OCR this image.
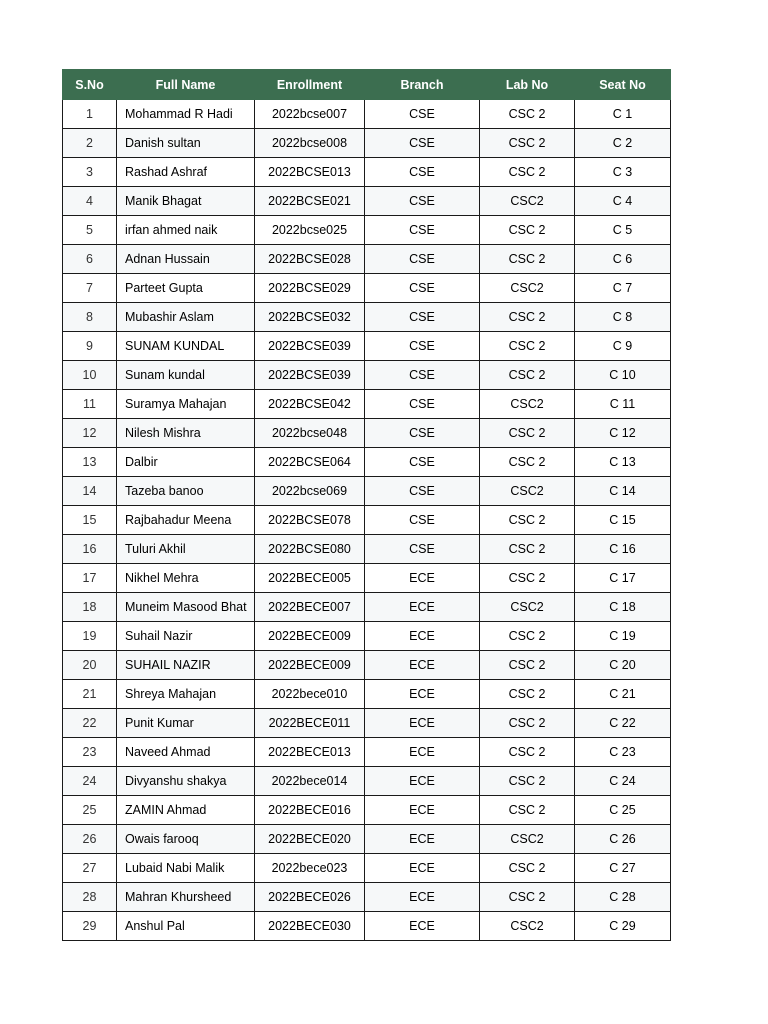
S.No	Full Name	Enrollment	Branch	Lab No	Seat No
1	Mohammad R Hadi	2022bcse007	CSE	CSC 2	C 1
2	Danish sultan	2022bcse008	CSE	CSC 2	C 2
3	Rashad Ashraf	2022BCSE013	CSE	CSC 2	C 3
4	Manik Bhagat	2022BCSE021	CSE	CSC2	C 4
5	irfan ahmed naik	2022bcse025	CSE	CSC 2	C 5
6	Adnan Hussain	2022BCSE028	CSE	CSC 2	C 6
7	Parteet Gupta	2022BCSE029	CSE	CSC2	C 7
8	Mubashir Aslam	2022BCSE032	CSE	CSC 2	C 8
9	SUNAM KUNDAL	2022BCSE039	CSE	CSC 2	C 9
10	Sunam kundal	2022BCSE039	CSE	CSC 2	C 10
11	Suramya Mahajan	2022BCSE042	CSE	CSC2	C 11
12	Nilesh Mishra	2022bcse048	CSE	CSC 2	C 12
13	Dalbir	2022BCSE064	CSE	CSC 2	C 13
14	Tazeba banoo	2022bcse069	CSE	CSC2	C 14
15	Rajbahadur Meena	2022BCSE078	CSE	CSC 2	C 15
16	Tuluri Akhil	2022BCSE080	CSE	CSC 2	C 16
17	Nikhel Mehra	2022BECE005	ECE	CSC 2	C 17
18	Muneim Masood Bhat	2022BECE007	ECE	CSC2	C 18
19	Suhail Nazir	2022BECE009	ECE	CSC 2	C 19
20	SUHAIL NAZIR	2022BECE009	ECE	CSC 2	C 20
21	Shreya Mahajan	2022bece010	ECE	CSC 2	C 21
22	Punit Kumar	2022BECE011	ECE	CSC 2	C 22
23	Naveed Ahmad	2022BECE013	ECE	CSC 2	C 23
24	Divyanshu shakya	2022bece014	ECE	CSC 2	C 24
25	ZAMIN Ahmad	2022BECE016	ECE	CSC 2	C 25
26	Owais farooq	2022BECE020	ECE	CSC2	C 26
27	Lubaid Nabi Malik	2022bece023	ECE	CSC 2	C 27
28	Mahran Khursheed	2022BECE026	ECE	CSC 2	C 28
29	Anshul Pal	2022BECE030	ECE	CSC2	C 29
